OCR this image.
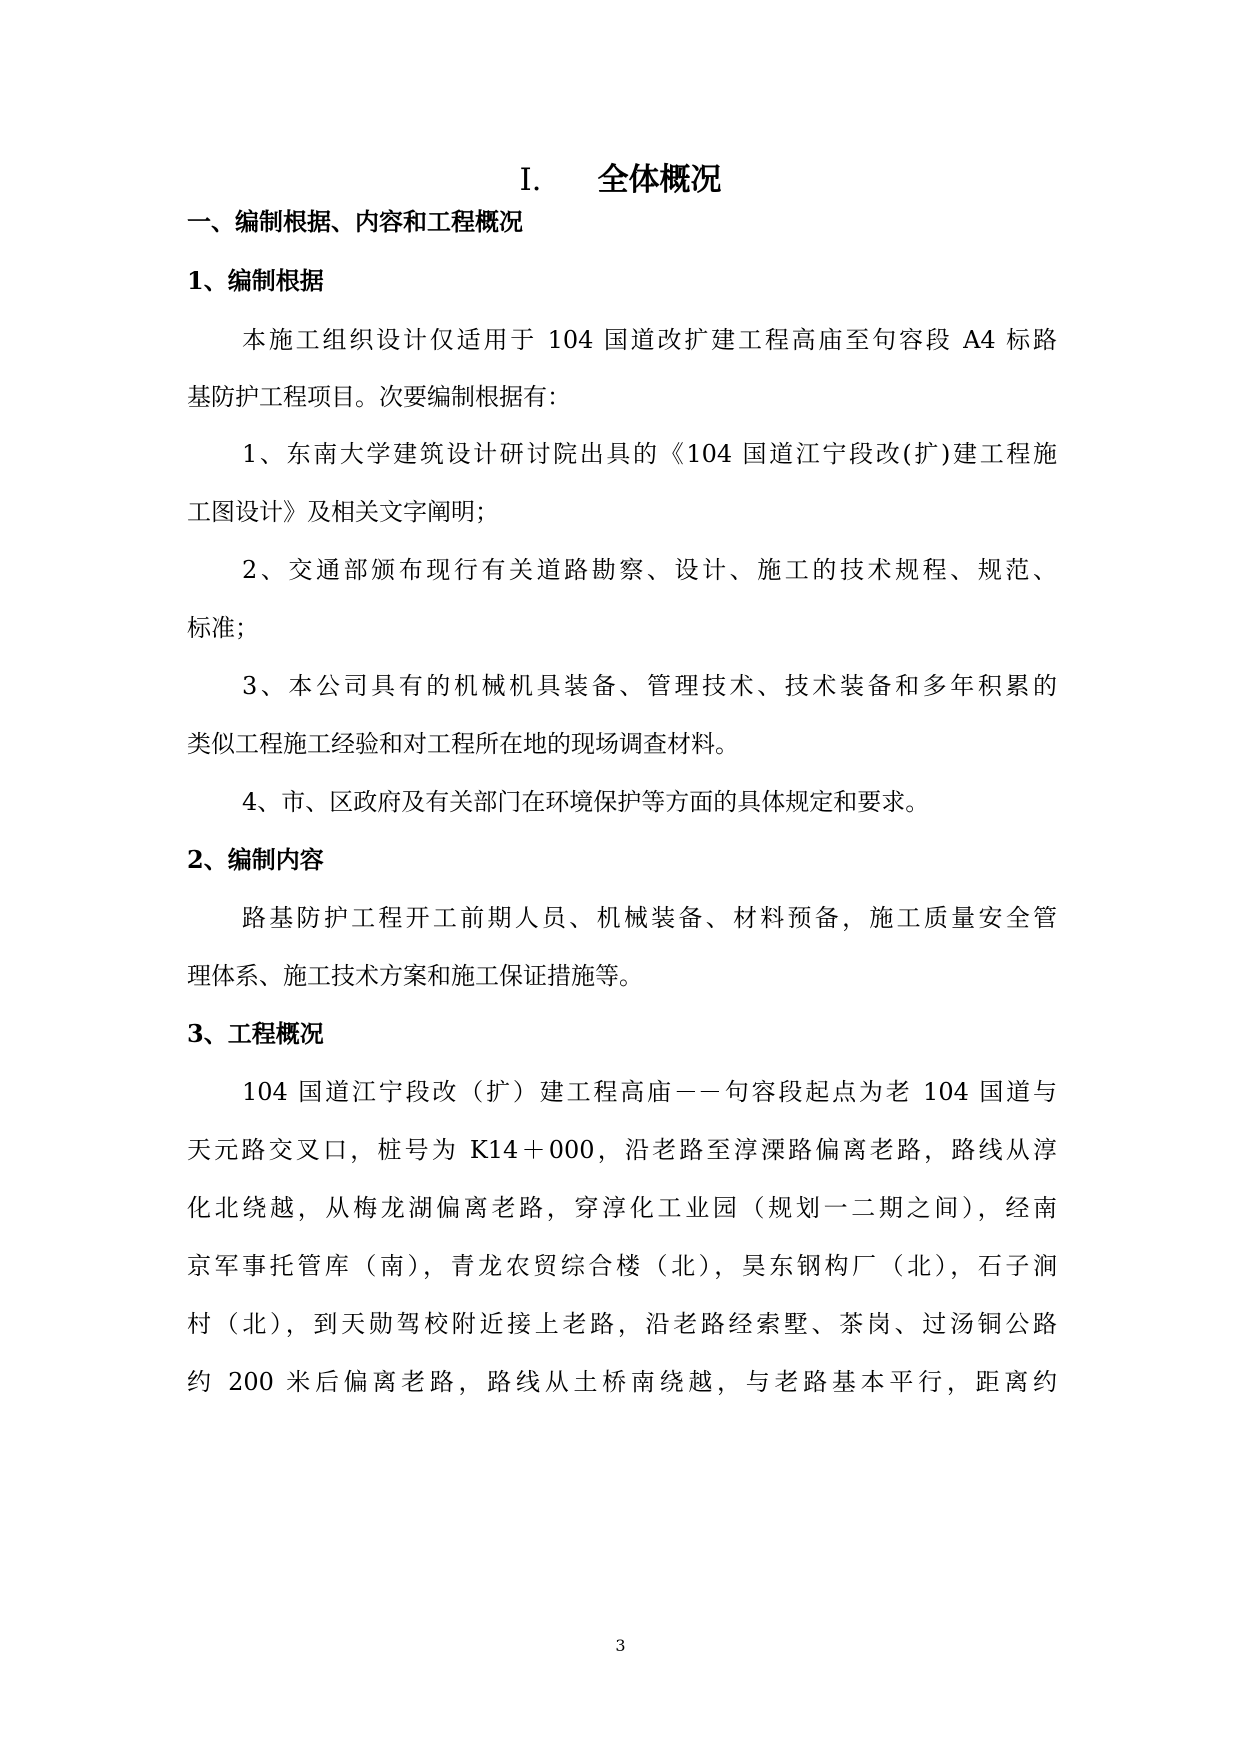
I. 全体概况
一、编制根据、内容和工程概况
1、编制根据
本施工组织设计仅适用于 104 国道改扩建工程高庙至句容段 A4 标路
基防护工程项目。次要编制根据有：
1、东南大学建筑设计研讨院出具的《104 国道江宁段改(扩)建工程施
工图设计》及相关文字阐明；
2、交通部颁布现行有关道路勘察、设计、施工的技术规程、规范、
标准；
3、本公司具有的机械机具装备、管理技术、技术装备和多年积累的
类似工程施工经验和对工程所在地的现场调查材料。
4、市、区政府及有关部门在环境保护等方面的具体规定和要求。
2、编制内容
路基防护工程开工前期人员、机械装备、材料预备，施工质量安全管
理体系、施工技术方案和施工保证措施等。
3、工程概况
104 国道江宁段改（扩）建工程高庙－－句容段起点为老 104 国道与
天元路交叉口，桩号为 K14＋000，沿老路至淳溧路偏离老路，路线从淳
化北绕越，从梅龙湖偏离老路，穿淳化工业园（规划一二期之间），经南
京军事托管库（南），青龙农贸综合楼（北），昊东钢构厂（北），石子涧
村（北），到天勋驾校附近接上老路，沿老路经索墅、茶岗、过汤铜公路
约 200 米后偏离老路，路线从土桥南绕越，与老路基本平行，距离约
3
